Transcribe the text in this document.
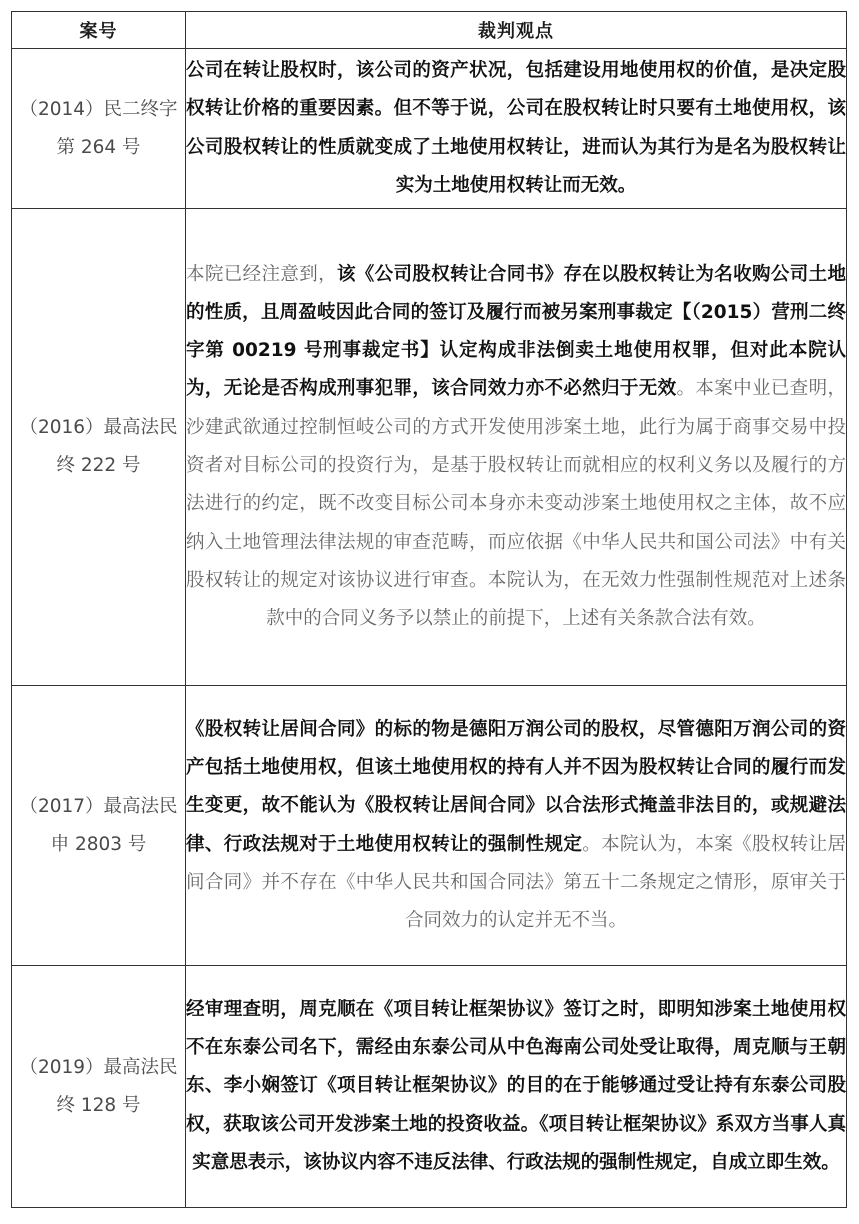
案号	裁判观点
（2014）民二终字第 264 号	公司在转让股权时，该公司的资产状况，包括建设用地使用权的价值，是决定股权转让价格的重要因素。但不等于说，公司在股权转让时只要有土地使用权，该公司股权转让的性质就变成了土地使用权转让，进而认为其行为是名为股权转让实为土地使用权转让而无效。
（2016）最高法民终 222 号	本院已经注意到，该《公司股权转让合同书》存在以股权转让为名收购公司土地的性质，且周盈岐因此合同的签订及履行而被另案刑事裁定【（2015）营刑二终字第 00219 号刑事裁定书】认定构成非法倒卖土地使用权罪，但对此本院认为，无论是否构成刑事犯罪，该合同效力亦不必然归于无效。本案中业已查明，沙建武欲通过控制恒岐公司的方式开发使用涉案土地，此行为属于商事交易中投资者对目标公司的投资行为，是基于股权转让而就相应的权利义务以及履行的方法进行的约定，既不改变目标公司本身亦未变动涉案土地使用权之主体，故不应纳入土地管理法律法规的审查范畴，而应依据《中华人民共和国公司法》中有关股权转让的规定对该协议进行审查。本院认为，在无效力性强制性规范对上述条款中的合同义务予以禁止的前提下，上述有关条款合法有效。
（2017）最高法民申 2803 号	《股权转让居间合同》的标的物是德阳万润公司的股权，尽管德阳万润公司的资产包括土地使用权，但该土地使用权的持有人并不因为股权转让合同的履行而发生变更，故不能认为《股权转让居间合同》以合法形式掩盖非法目的，或规避法律、行政法规对于土地使用权转让的强制性规定。本院认为，本案《股权转让居间合同》并不存在《中华人民共和国合同法》第五十二条规定之情形，原审关于合同效力的认定并无不当。
（2019）最高法民终 128 号	经审理查明，周克顺在《项目转让框架协议》签订之时，即明知涉案土地使用权不在东泰公司名下，需经由东泰公司从中色海南公司处受让取得，周克顺与王朝东、李小娴签订《项目转让框架协议》的目的在于能够通过受让持有东泰公司股权，获取该公司开发涉案土地的投资收益。《项目转让框架协议》系双方当事人真实意思表示，该协议内容不违反法律、行政法规的强制性规定，自成立即生效。
